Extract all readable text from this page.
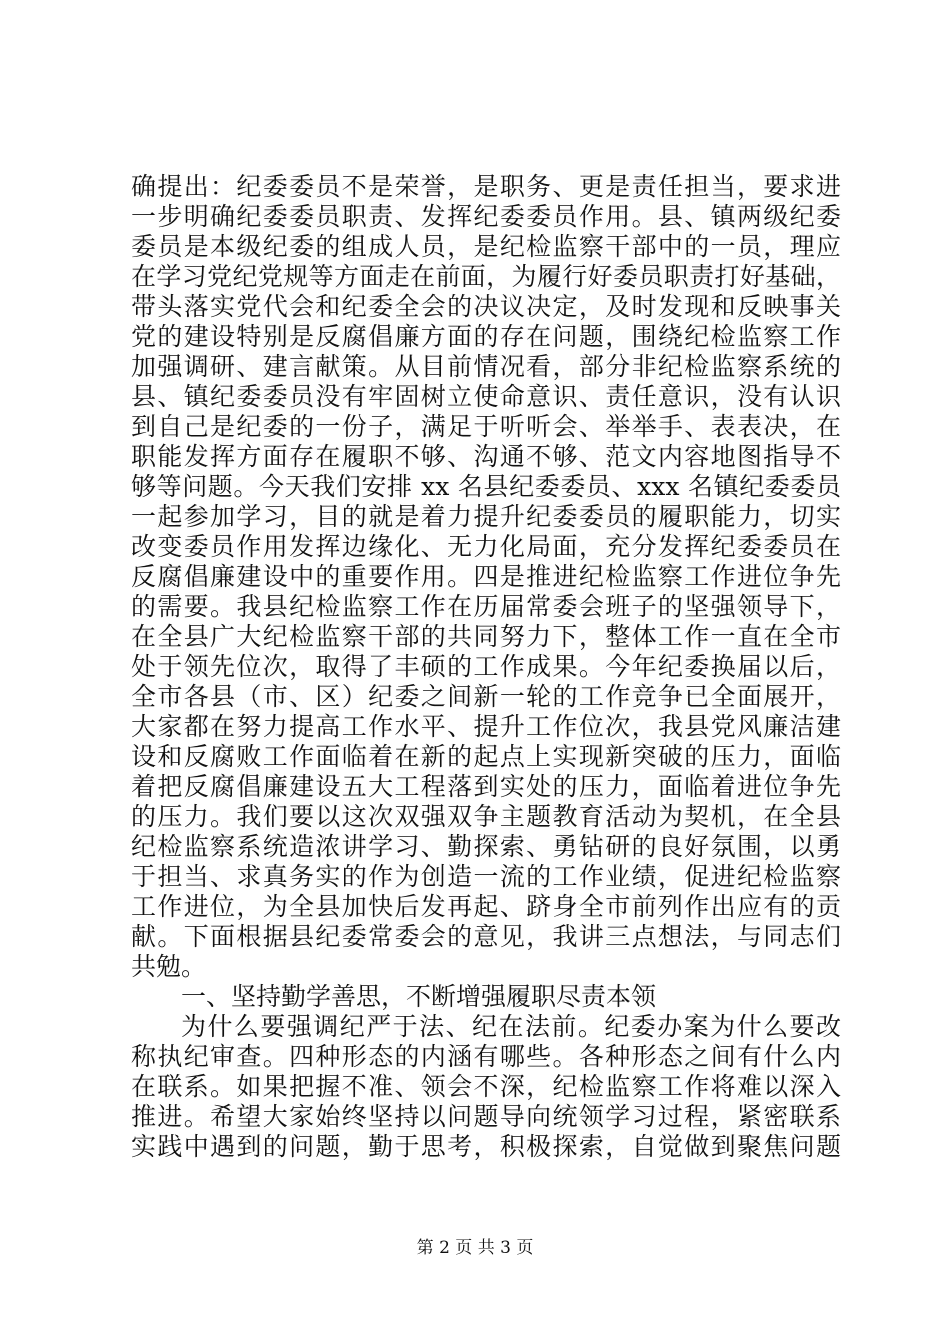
确提出：纪委委员不是荣誉，是职务、更是责任担当，要求进
一步明确纪委委员职责、发挥纪委委员作用。县、镇两级纪委
委员是本级纪委的组成人员，是纪检监察干部中的一员，理应
在学习党纪党规等方面走在前面，为履行好委员职责打好基础，
带头落实党代会和纪委全会的决议决定，及时发现和反映事关
党的建设特别是反腐倡廉方面的存在问题，围绕纪检监察工作
加强调研、建言献策。从目前情况看，部分非纪检监察系统的
县、镇纪委委员没有牢固树立使命意识、责任意识，没有认识
到自己是纪委的一份子，满足于听听会、举举手、表表决，在
职能发挥方面存在履职不够、沟通不够、范文内容地图指导不
够等问题。今天我们安排 xx 名县纪委委员、xxx 名镇纪委委员
一起参加学习，目的就是着力提升纪委委员的履职能力，切实
改变委员作用发挥边缘化、无力化局面，充分发挥纪委委员在
反腐倡廉建设中的重要作用。四是推进纪检监察工作进位争先
的需要。我县纪检监察工作在历届常委会班子的坚强领导下，
在全县广大纪检监察干部的共同努力下，整体工作一直在全市
处于领先位次，取得了丰硕的工作成果。今年纪委换届以后，
全市各县（市、区）纪委之间新一轮的工作竞争已全面展开，
大家都在努力提高工作水平、提升工作位次，我县党风廉洁建
设和反腐败工作面临着在新的起点上实现新突破的压力，面临
着把反腐倡廉建设五大工程落到实处的压力，面临着进位争先
的压力。我们要以这次双强双争主题教育活动为契机，在全县
纪检监察系统造浓讲学习、勤探索、勇钻研的良好氛围，以勇
于担当、求真务实的作为创造一流的工作业绩，促进纪检监察
工作进位，为全县加快后发再起、跻身全市前列作出应有的贡
献。下面根据县纪委常委会的意见，我讲三点想法，与同志们
共勉。
一、坚持勤学善思，不断增强履职尽责本领
为什么要强调纪严于法、纪在法前。纪委办案为什么要改
称执纪审查。四种形态的内涵有哪些。各种形态之间有什么内
在联系。如果把握不准、领会不深，纪检监察工作将难以深入
推进。希望大家始终坚持以问题导向统领学习过程，紧密联系
实践中遇到的问题，勤于思考，积极探索，自觉做到聚焦问题
第 2 页 共 3 页
